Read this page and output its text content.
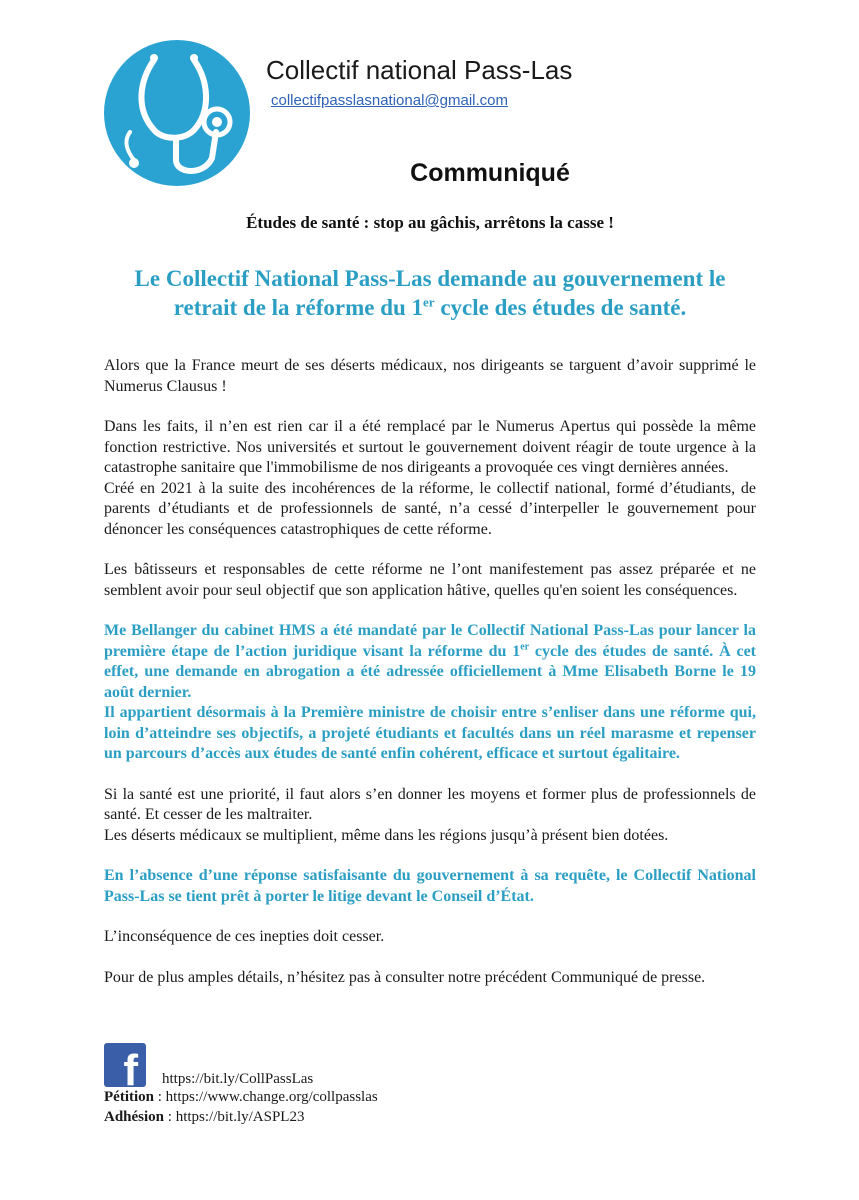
Collectif national Pass-Las
collectifpasslasnational@gmail.com
Communiqué
Études de santé : stop au gâchis, arrêtons la casse !
Le Collectif National Pass-Las demande au gouvernement le retrait de la réforme du 1er cycle des études de santé.

Alors que la France meurt de ses déserts médicaux, nos dirigeants se targuent d’avoir supprimé le Numerus Clausus !

Dans les faits, il n’en est rien car il a été remplacé par le Numerus Apertus qui possède la même fonction restrictive. Nos universités et surtout le gouvernement doivent réagir de toute urgence à la catastrophe sanitaire que l'immobilisme de nos dirigeants a provoquée ces vingt dernières années.

Créé en 2021 à la suite des incohérences de la réforme, le collectif national, formé d’étudiants, de parents d’étudiants et de professionnels de santé, n’a cessé d’interpeller le gouvernement pour dénoncer les conséquences catastrophiques de cette réforme.

Les bâtisseurs et responsables de cette réforme ne l’ont manifestement pas assez préparée et ne semblent avoir pour seul objectif que son application hâtive, quelles qu'en soient les conséquences.

Me Bellanger du cabinet HMS a été mandaté par le Collectif National Pass-Las pour lancer la première étape de l’action juridique visant la réforme du 1er cycle des études de santé. À cet effet, une demande en abrogation a été adressée officiellement à Mme Elisabeth Borne le 19 août dernier.

Il appartient désormais à la Première ministre de choisir entre s’enliser dans une réforme qui, loin d’atteindre ses objectifs, a projeté étudiants et facultés dans un réel marasme et repenser un parcours d’accès aux études de santé enfin cohérent, efficace et surtout égalitaire.

Si la santé est une priorité, il faut alors s’en donner les moyens et former plus de professionnels de santé. Et cesser de les maltraiter.

Les déserts médicaux se multiplient, même dans les régions jusqu’à présent bien dotées.

En l’absence d’une réponse satisfaisante du gouvernement à sa requête, le Collectif National Pass-Las se tient prêt à porter le litige devant le Conseil d’État.

L’inconséquence de ces inepties doit cesser.

Pour de plus amples détails, n’hésitez pas à consulter notre précédent Communiqué de presse.

f https://bit.ly/CollPassLas
Pétition : https://www.change.org/collpasslas
Adhésion : https://bit.ly/ASPL23
